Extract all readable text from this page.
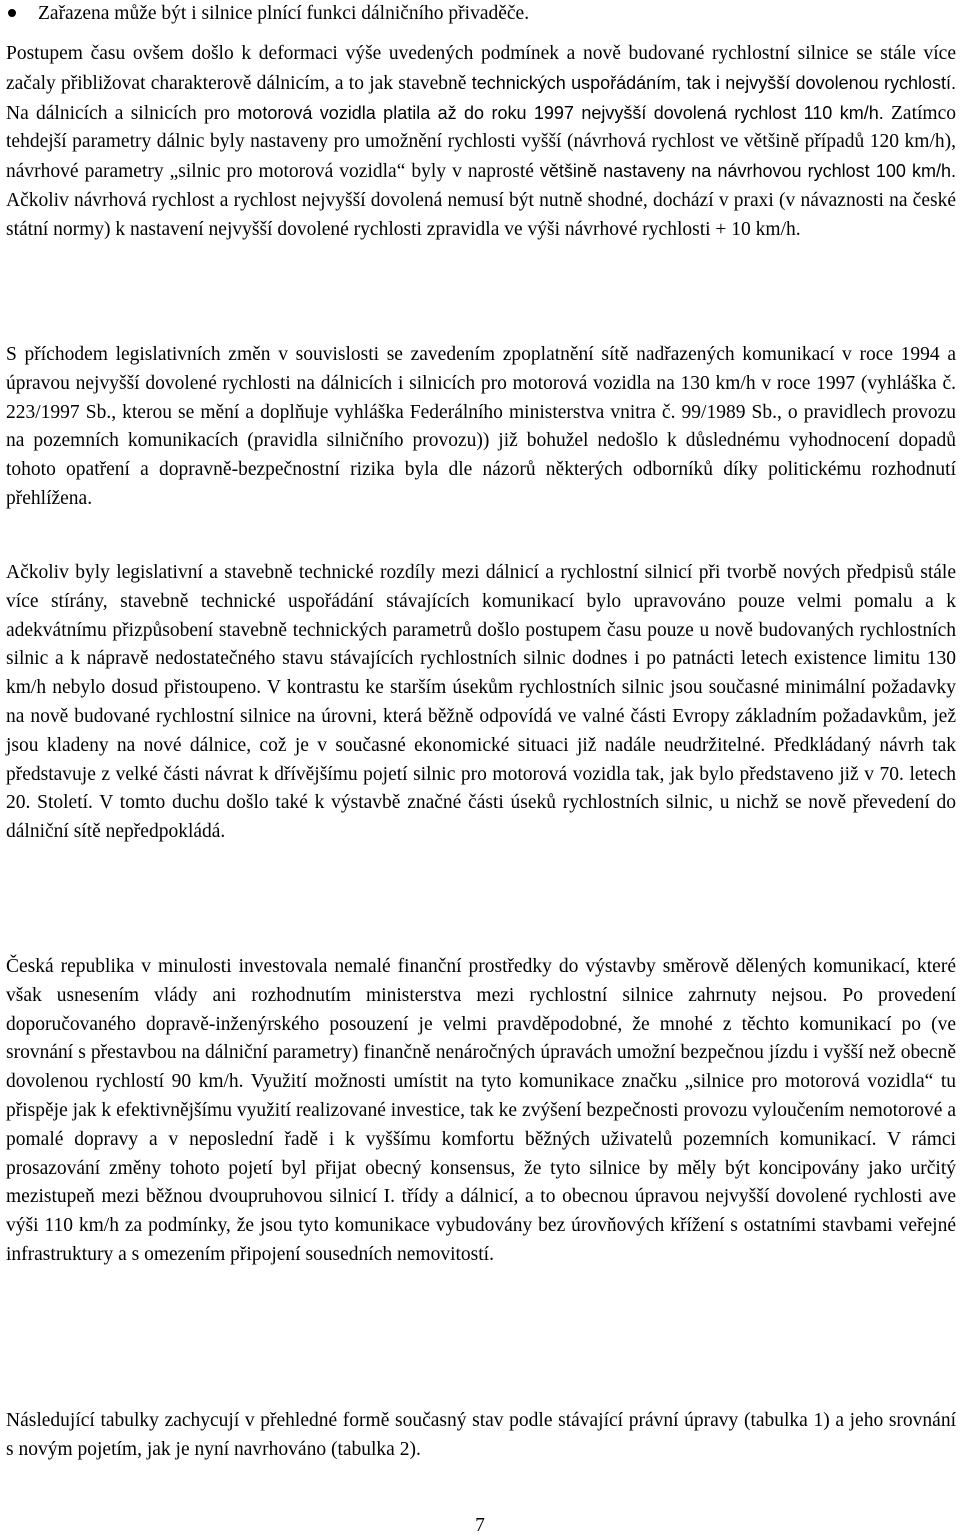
Zařazena může být i silnice plnící funkci dálničního přivaděče.

Postupem času ovšem došlo k deformaci výše uvedených podmínek a nově budované rychlostní silnice se stále více začaly přibližovat charakterově dálnicím, a to jak stavebně technických uspořádáním, tak i nejvyšší dovolenou rychlostí. Na dálnicích a silnicích pro motorová vozidla platila až do roku 1997 nejvyšší dovolená rychlost 110 km/h. Zatímco tehdejší parametry dálnic byly nastaveny pro umožnění rychlosti vyšší (návrhová rychlost ve většině případů 120 km/h), návrhové parametry „silnic pro motorová vozidla“ byly v naprosté většině nastaveny na návrhovou rychlost 100 km/h. Ačkoliv návrhová rychlost a rychlost nejvyšší dovolená nemusí být nutně shodné, dochází v praxi (v návaznosti na české státní normy) k nastavení nejvyšší dovolené rychlosti zpravidla ve výši návrhové rychlosti + 10 km/h.

S příchodem legislativních změn v souvislosti se zavedením zpoplatnění sítě nadřazených komunikací v roce 1994 a úpravou nejvyšší dovolené rychlosti na dálnicích i silnicích pro motorová vozidla na 130 km/h v roce 1997 (vyhláška č. 223/1997 Sb., kterou se mění a doplňuje vyhláška Federálního ministerstva vnitra č. 99/1989 Sb., o pravidlech provozu na pozemních komunikacích (pravidla silničního provozu)) již bohužel nedošlo k důslednému vyhodnocení dopadů tohoto opatření a dopravně-bezpečnostní rizika byla dle názorů některých odborníků díky politickému rozhodnutí přehlížena.

Ačkoliv byly legislativní a stavebně technické rozdíly mezi dálnicí a rychlostní silnicí při tvorbě nových předpisů stále více stírány, stavebně technické uspořádání stávajících komunikací bylo upravováno pouze velmi pomalu a k adekvátnímu přizpůsobení stavebně technických parametrů došlo postupem času pouze u nově budovaných rychlostních silnic a k nápravě nedostatečného stavu stávajících rychlostních silnic dodnes i po patnácti letech existence limitu 130 km/h nebylo dosud přistoupeno. V kontrastu ke starším úsekům rychlostních silnic jsou současné minimální požadavky na nově budované rychlostní silnice na úrovni, která běžně odpovídá ve valné části Evropy základním požadavkům, jež jsou kladeny na nové dálnice, což je v současné ekonomické situaci již nadále neudržitelné. Předkládaný návrh tak představuje z velké části návrat k dřívějšímu pojetí silnic pro motorová vozidla tak, jak bylo představeno již v 70. letech 20. Století. V tomto duchu došlo také k výstavbě značné části úseků rychlostních silnic, u nichž se nově převedení do dálniční sítě nepředpokládá.

Česká republika v minulosti investovala nemalé finanční prostředky do výstavby směrově dělených komunikací, které však usnesením vlády ani rozhodnutím ministerstva mezi rychlostní silnice zahrnuty nejsou. Po provedení doporučovaného dopravě-inženýrského posouzení je velmi pravděpodobné, že mnohé z těchto komunikací po (ve srovnání s přestavbou na dálniční parametry) finančně nenáročných úpravách umožní bezpečnou jízdu i vyšší než obecně dovolenou rychlostí 90 km/h. Využití možnosti umístit na tyto komunikace značku „silnice pro motorová vozidla“ tu přispěje jak k efektivnějšímu využití realizované investice, tak ke zvýšení bezpečnosti provozu vyloučením nemotorové a pomalé dopravy a v neposlední řadě i k vyššímu komfortu běžných uživatelů pozemních komunikací. V rámci prosazování změny tohoto pojetí byl přijat obecný konsensus, že tyto silnice by měly být koncipovány jako určitý mezistupeň mezi běžnou dvoupruhovou silnicí I. třídy a dálnicí, a to obecnou úpravou nejvyšší dovolené rychlosti ave výši 110 km/h za podmínky, že jsou tyto komunikace vybudovány bez úrovňových křížení s ostatními stavbami veřejné infrastruktury a s omezením připojení sousedních nemovitostí.

Následující tabulky zachycují v přehledné formě současný stav podle stávající právní úpravy (tabulka 1) a jeho srovnání s novým pojetím, jak je nyní navrhováno (tabulka 2).

7
